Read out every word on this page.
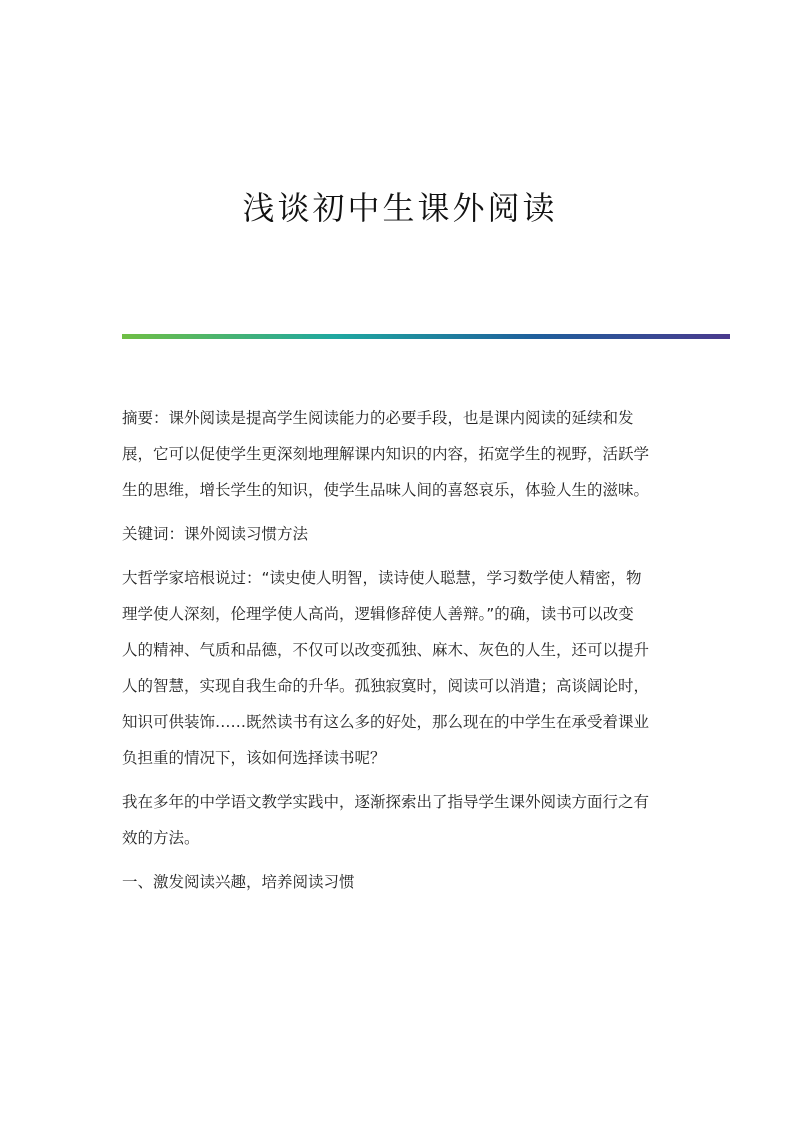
浅谈初中生课外阅读

摘要：课外阅读是提高学生阅读能力的必要手段，也是课内阅读的延续和发
展，它可以促使学生更深刻地理解课内知识的内容，拓宽学生的视野，活跃学
生的思维，增长学生的知识，使学生品味人间的喜怒哀乐，体验人生的滋味。

关键词：课外阅读习惯方法

大哲学家培根说过：“读史使人明智，读诗使人聪慧，学习数学使人精密，物
理学使人深刻，伦理学使人高尚，逻辑修辞使人善辩。”的确，读书可以改变
人的精神、气质和品德，不仅可以改变孤独、麻木、灰色的人生，还可以提升
人的智慧，实现自我生命的升华。孤独寂寞时，阅读可以消遣；高谈阔论时，
知识可供装饰……既然读书有这么多的好处，那么现在的中学生在承受着课业
负担重的情况下，该如何选择读书呢？

我在多年的中学语文教学实践中，逐渐探索出了指导学生课外阅读方面行之有
效的方法。

一、激发阅读兴趣，培养阅读习惯
